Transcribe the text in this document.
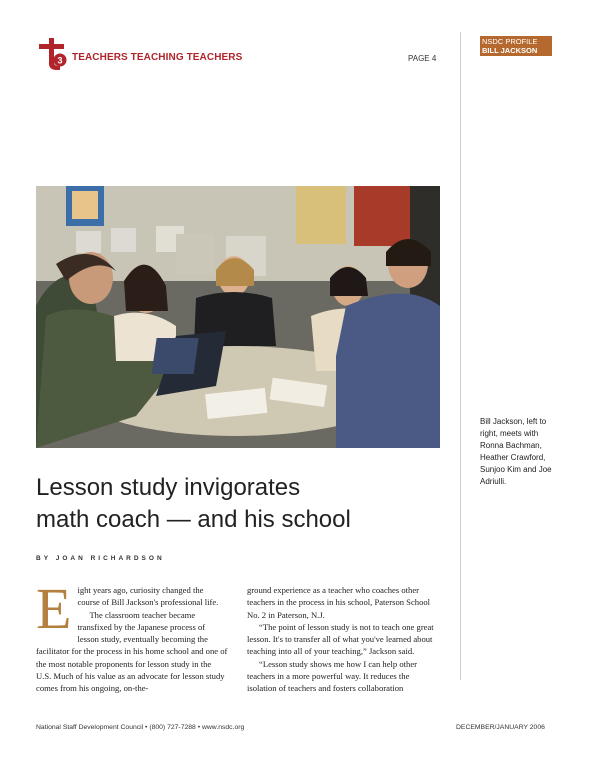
3 TEACHERS TEACHING TEACHERS	PAGE 4
NSDC PROFILE
BILL JACKSON
Bill Jackson, left to right, meets with Ronna Bachman, Heather Crawford, Sunjoo Kim and Joe Adriulli.
Lesson study invigorates
math coach — and his school
BY JOAN RICHARDSON
E ight years ago, curiosity changed the course of Bill Jackson's professional life.

The classroom teacher became transfixed by the Japanese process of lesson study, eventually becoming the facilitator for the process in his home school and one of the most notable proponents for lesson study in the U.S. Much of his value as an advocate for lesson study comes from his ongoing, on-the-

ground experience as a teacher who coaches other teachers in the process in his school, Paterson School No. 2 in Paterson, N.J.

“The point of lesson study is not to teach one great lesson. It's to transfer all of what you've learned about teaching into all of your teaching,” Jackson said.

“Lesson study shows me how I can help other teachers in a more powerful way. It reduces the isolation of teachers and fosters collaboration

National Staff Development Council • (800) 727-7288 • www.nsdc.org	DECEMBER/JANUARY 2006
